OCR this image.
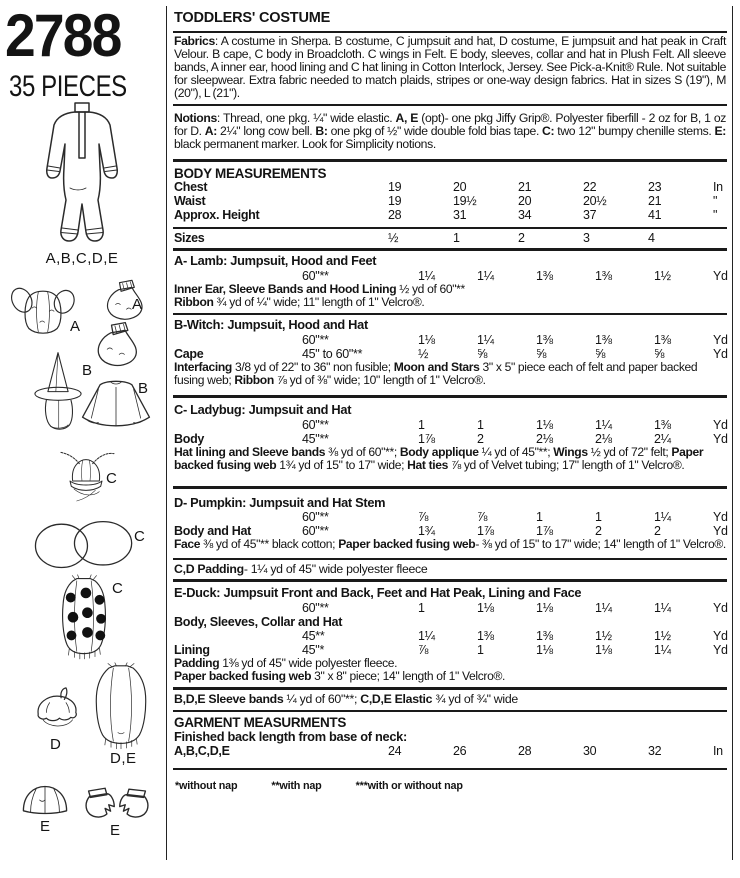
2788
35 PIECES
A,B,C,D,E
A
A
B
B
C
C
C
D
D,E
E	E
TODDLERS' COSTUME

Fabrics: A costume in Sherpa. B costume, C jumpsuit and hat, D costume, E jumpsuit and hat peak in Craft Velour. B cape, C body in Broadcloth. C wings in Felt. E body, sleeves, collar and hat in Plush Felt. All sleeve bands, A inner ear, hood lining and C hat lining in Cotton Interlock, Jersey. See Pick-a-Knit® Rule. Not suitable for sleepwear. Extra fabric needed to match plaids, stripes or one-way design fabrics. Hat in sizes S (19"), M (20"), L (21").

Notions: Thread, one pkg. ¼" wide elastic. A, E (opt)- one pkg Jiffy Grip®. Polyester fiberfill - 2 oz for B, 1 oz for D. A: 2¼" long cow bell. B: one pkg of ½" wide double fold bias tape. C: two 12" bumpy chenille stems. E: black permanent marker. Look for Simplicity notions.

BODY MEASUREMENTS
Chest	19	20	21	22	23	In
Waist	19	19½	20	20½	21	"
Approx. Height	28	31	34	37	41	"
Sizes	½	1	2	3	4
A- Lamb: Jumpsuit, Hood and Feet
60"**	1¼	1¼	1⅜	1⅜	1½	Yd

Inner Ear, Sleeve Bands and Hood Lining ½ yd of 60"**

Ribbon ¾ yd of ¼" wide; 11" length of 1" Velcro®.

B-Witch: Jumpsuit, Hood and Hat
60"**	1⅛	1¼	1⅜	1⅜	1⅜	Yd
Cape	45" to 60"**	½	⅝	⅝	⅝	⅝	Yd

Interfacing 3/8 yd of 22" to 36" non fusible; Moon and Stars 3" x 5" piece each of felt and paper backed fusing web; Ribbon ⅞ yd of ⅜" wide; 10" length of 1" Velcro®.

C- Ladybug: Jumpsuit and Hat
60"**	1	1	1⅛	1¼	1⅜	Yd
Body	45"**	1⅞	2	2⅛	2⅛	2¼	Yd

Hat lining and Sleeve bands ⅜ yd of 60"**; Body applique ¼ yd of 45"**; Wings ½ yd of 72" felt; Paper backed fusing web 1¾ yd of 15" to 17" wide; Hat ties ⅞ yd of Velvet tubing; 17" length of 1" Velcro®.

D- Pumpkin: Jumpsuit and Hat Stem
60"**	⅞	⅞	1	1	1¼	Yd
Body and Hat	60"**	1¾	1⅞	1⅞	2	2	Yd

Face ⅜ yd of 45"** black cotton; Paper backed fusing web- ⅜ yd of 15" to 17" wide; 14" length of 1" Velcro®.

C,D Padding- 1¼ yd of 45" wide polyester fleece
E-Duck: Jumpsuit Front and Back, Feet and Hat Peak, Lining and Face
60"**	1	1⅛	1⅛	1¼	1¼	Yd
Body, Sleeves, Collar and Hat
45**	1¼	1⅜	1⅜	1½	1½	Yd
Lining	45"*	⅞	1	1⅛	1⅛	1¼	Yd

Padding 1⅜ yd of 45" wide polyester fleece.

Paper backed fusing web 3" x 8" piece; 14" length of 1" Velcro®.

B,D,E Sleeve bands ¼ yd of 60"**; C,D,E Elastic ¾ yd of ¾" wide
GARMENT MEASURMENTS
Finished back length from base of neck:
A,B,C,D,E	24	26	28	30	32	In
*without nap	**with nap	***with or without nap
